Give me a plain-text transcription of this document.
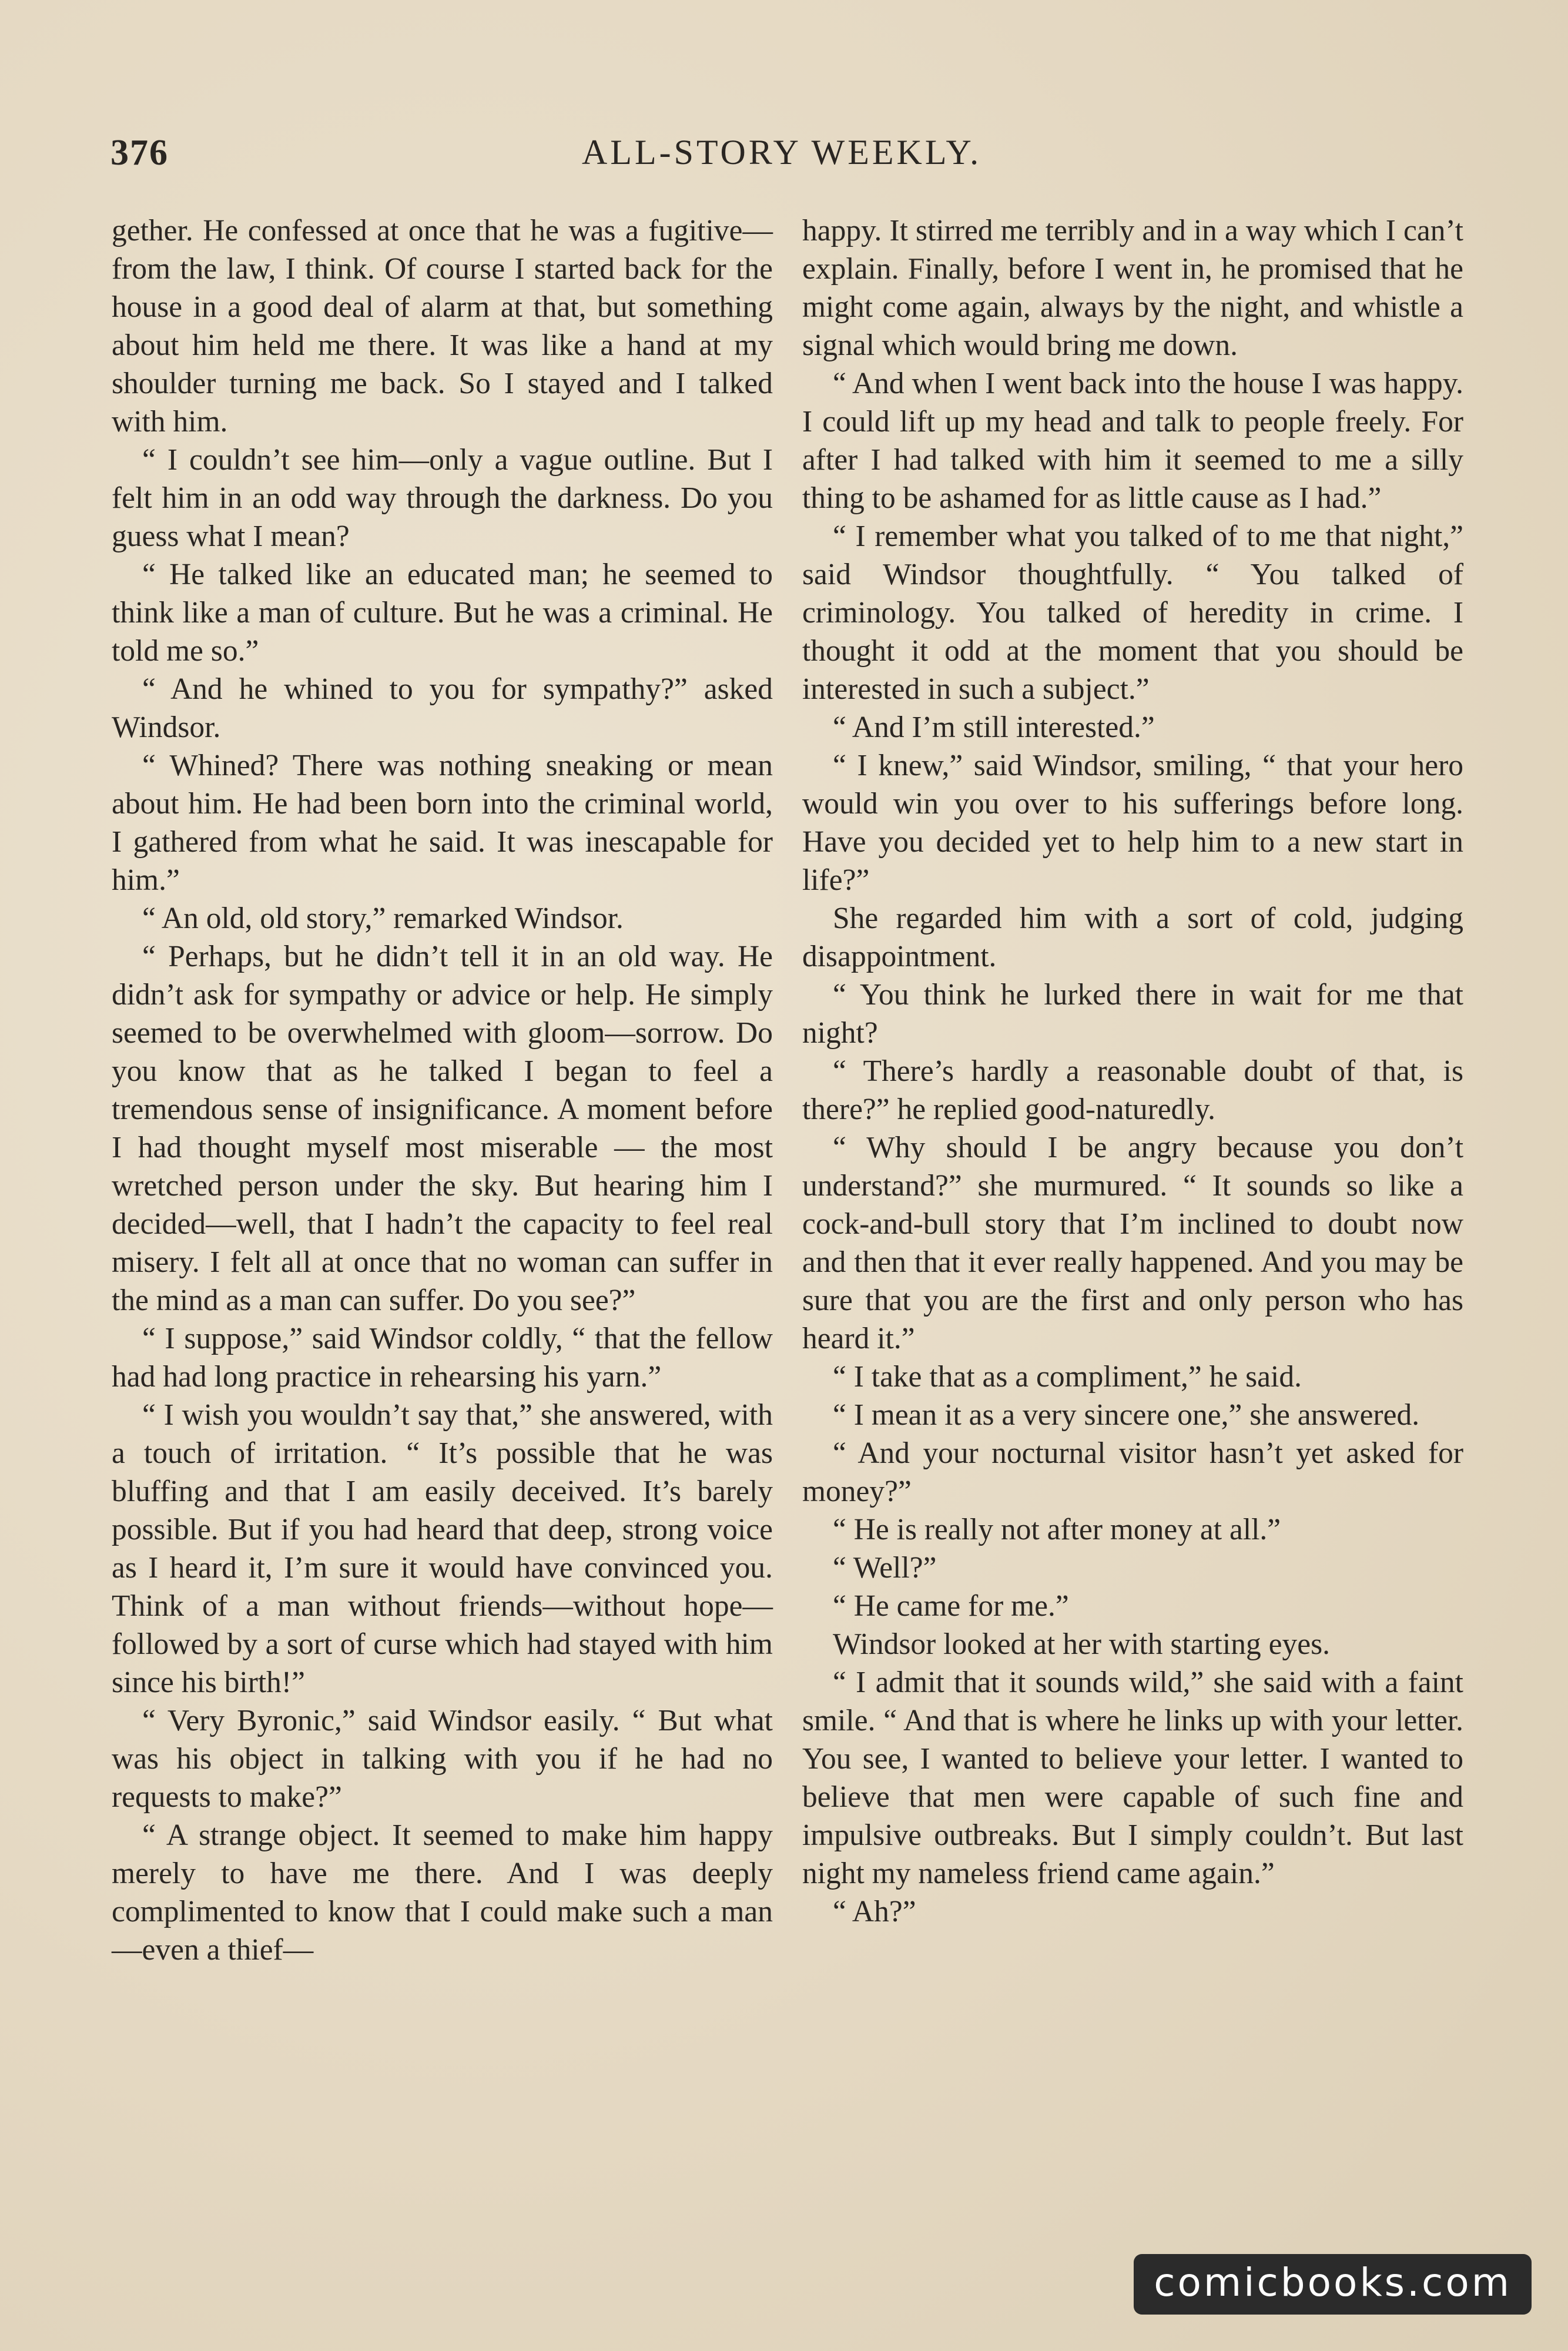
376	ALL-STORY WEEKLY.

gether. He confessed at once that he was a fugitive—from the law, I think. Of course I started back for the house in a good deal of alarm at that, but something about him held me there. It was like a hand at my shoulder turning me back. So I stayed and I talked with him.

“ I couldn’t see him—only a vague outline. But I felt him in an odd way through the darkness. Do you guess what I mean?

“ He talked like an educated man; he seemed to think like a man of culture. But he was a criminal. He told me so.”

“ And he whined to you for sympathy?” asked Windsor.

“ Whined? There was nothing sneaking or mean about him. He had been born into the criminal world, I gathered from what he said. It was inescapable for him.”

“ An old, old story,” remarked Windsor.

“ Perhaps, but he didn’t tell it in an old way. He didn’t ask for sympathy or advice or help. He simply seemed to be overwhelmed with gloom—sorrow. Do you know that as he talked I began to feel a tremendous sense of insignificance. A moment before I had thought myself most miserable — the most wretched person under the sky. But hearing him I decided—well, that I hadn’t the capacity to feel real misery. I felt all at once that no woman can suffer in the mind as a man can suffer. Do you see?”

“ I suppose,” said Windsor coldly, “ that the fellow had had long practice in rehearsing his yarn.”

“ I wish you wouldn’t say that,” she answered, with a touch of irritation. “ It’s possible that he was bluffing and that I am easily deceived. It’s barely possible. But if you had heard that deep, strong voice as I heard it, I’m sure it would have convinced you. Think of a man without friends—without hope—followed by a sort of curse which had stayed with him since his birth!”

“ Very Byronic,” said Windsor easily. “ But what was his object in talking with you if he had no requests to make?”

“ A strange object. It seemed to make him happy merely to have me there. And I was deeply complimented to know that I could make such a man—even a thief—

happy. It stirred me terribly and in a way which I can’t explain. Finally, before I went in, he promised that he might come again, always by the night, and whistle a signal which would bring me down.

“ And when I went back into the house I was happy. I could lift up my head and talk to people freely. For after I had talked with him it seemed to me a silly thing to be ashamed for as little cause as I had.”

“ I remember what you talked of to me that night,” said Windsor thoughtfully. “ You talked of criminology. You talked of heredity in crime. I thought it odd at the moment that you should be interested in such a subject.”

“ And I’m still interested.”

“ I knew,” said Windsor, smiling, “ that your hero would win you over to his sufferings before long. Have you decided yet to help him to a new start in life?”

She regarded him with a sort of cold, judging disappointment.

“ You think he lurked there in wait for me that night?

“ There’s hardly a reasonable doubt of that, is there?” he replied good-naturedly.

“ Why should I be angry because you don’t understand?” she murmured. “ It sounds so like a cock-and-bull story that I’m inclined to doubt now and then that it ever really happened. And you may be sure that you are the first and only person who has heard it.”

“ I take that as a compliment,” he said.

“ I mean it as a very sincere one,” she answered.

“ And your nocturnal visitor hasn’t yet asked for money?”

“ He is really not after money at all.”

“ Well?”

“ He came for me.”

Windsor looked at her with starting eyes.

“ I admit that it sounds wild,” she said with a faint smile. “ And that is where he links up with your letter. You see, I wanted to believe your letter. I wanted to believe that men were capable of such fine and impulsive outbreaks. But I simply couldn’t. But last night my nameless friend came again.”

“ Ah?”

comicbooks.com
